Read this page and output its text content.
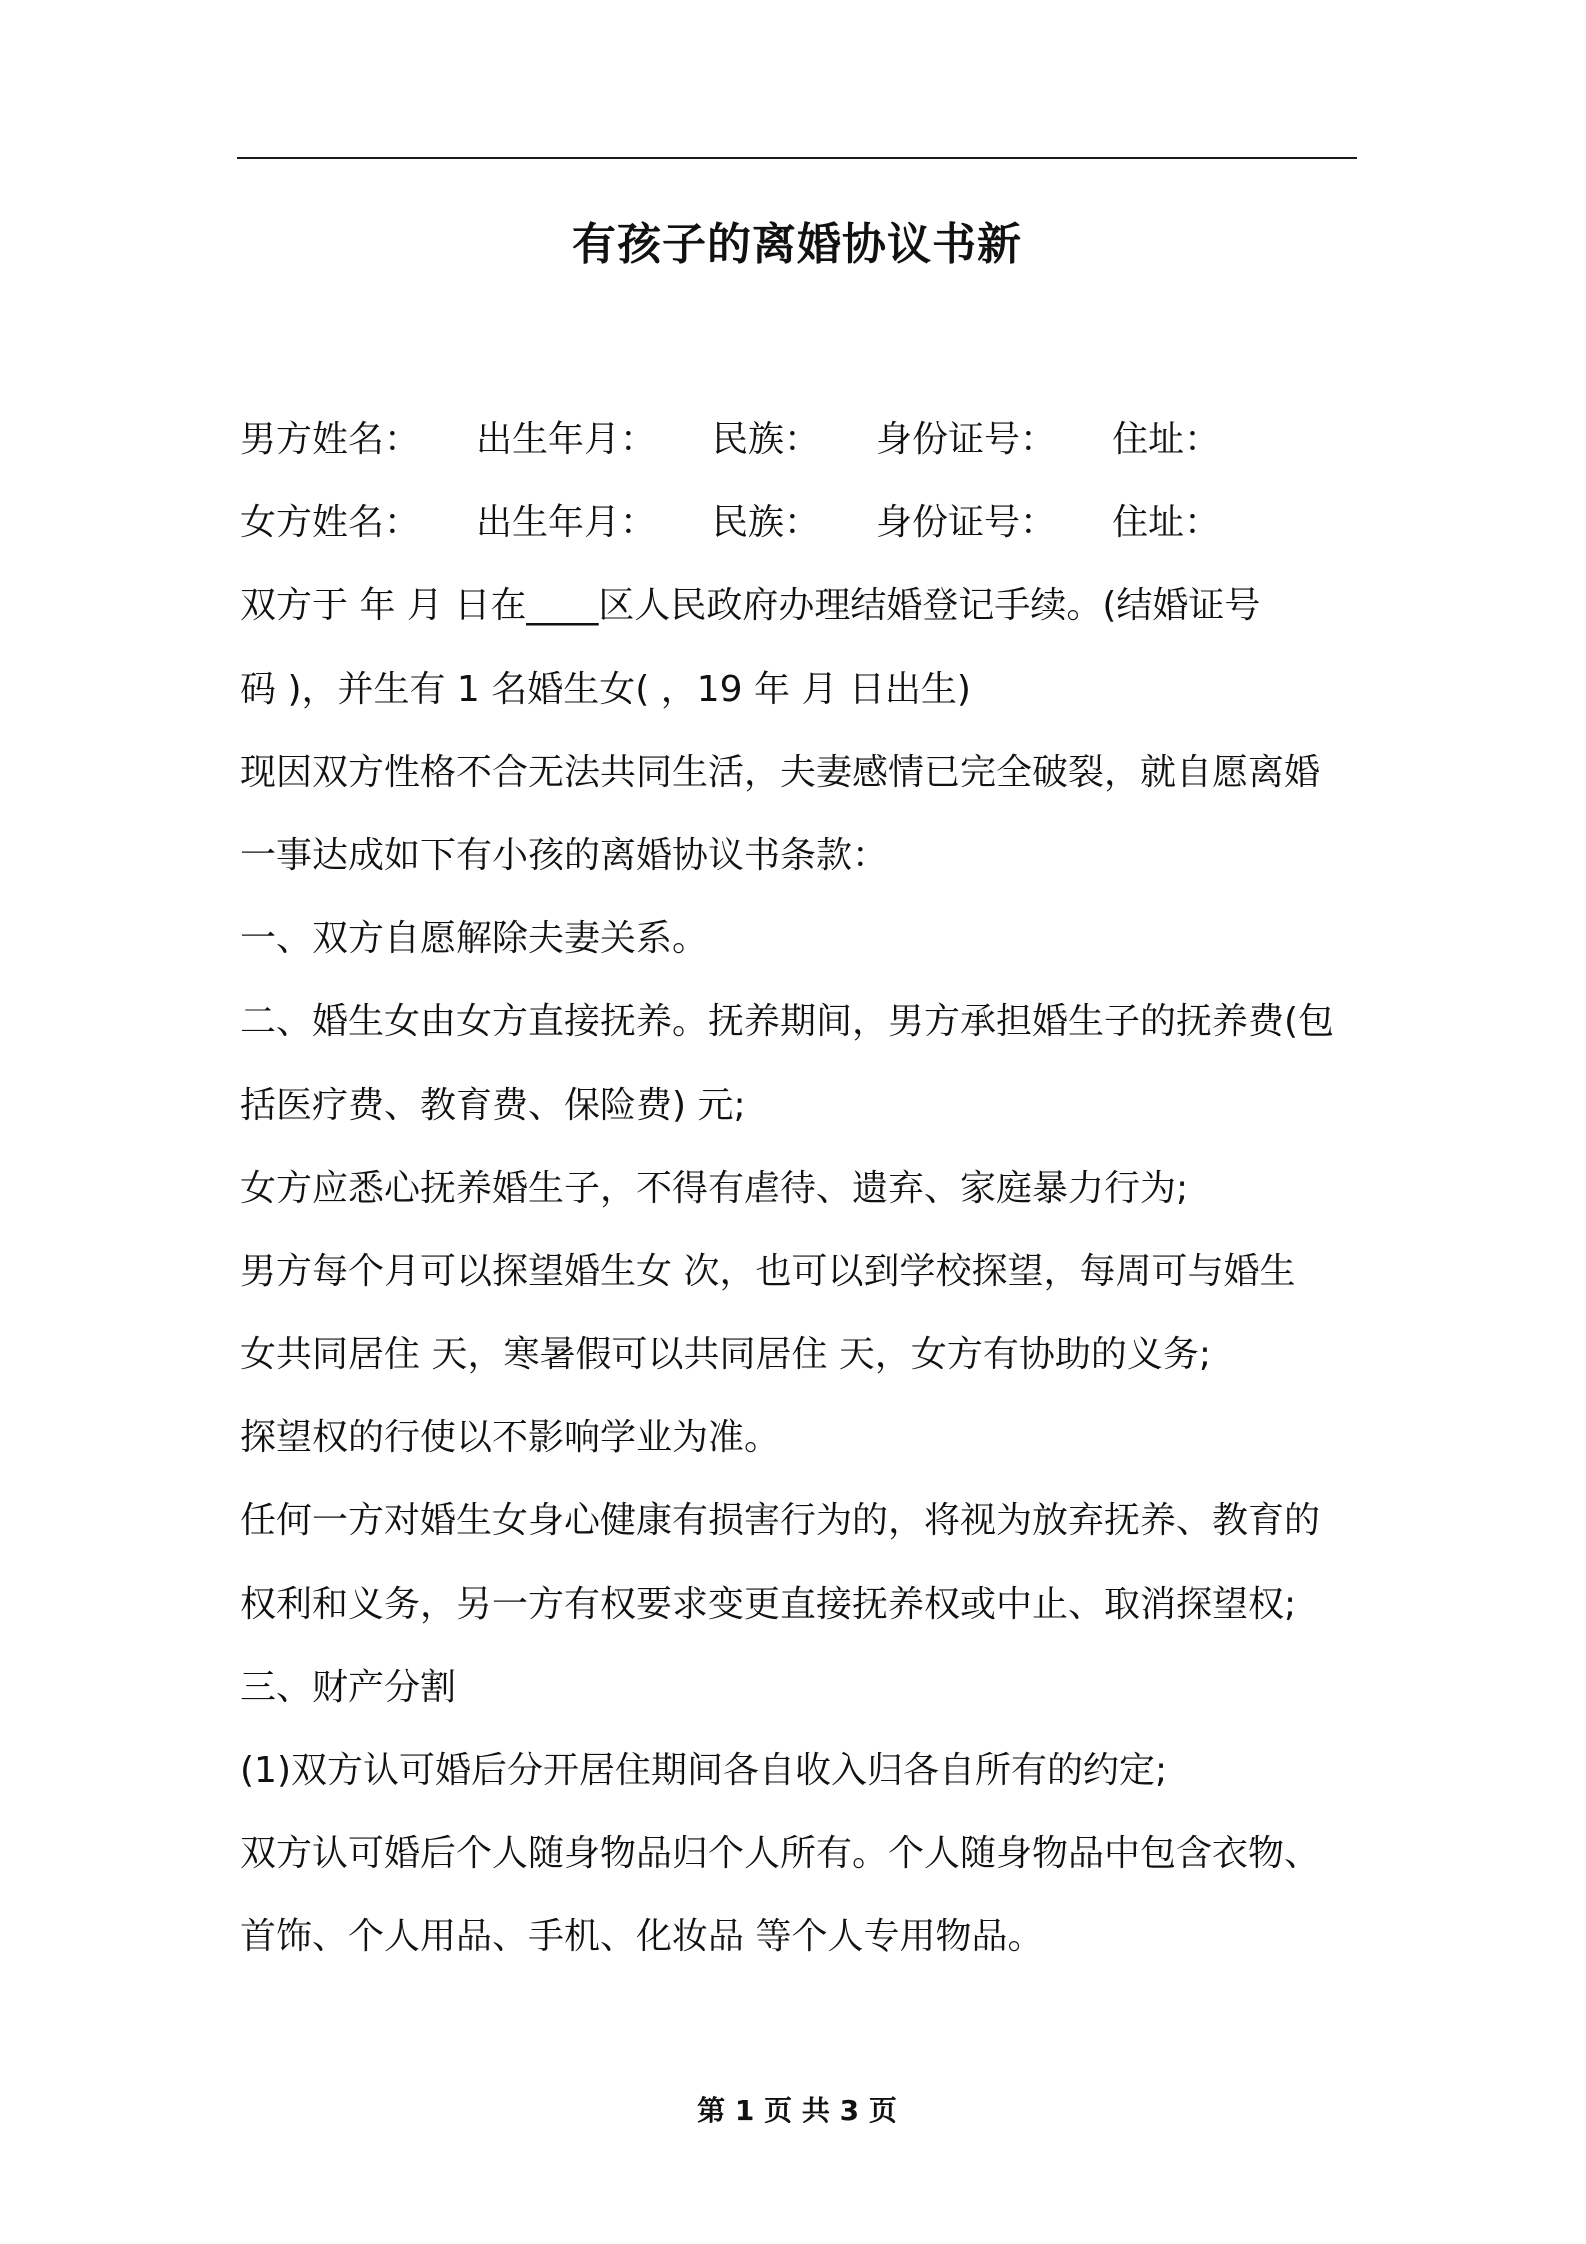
有孩子的离婚协议书新
男方姓名： 出生年月： 民族： 身份证号： 住址：
女方姓名： 出生年月： 民族： 身份证号： 住址：
双方于 年 月 日在____区人民政府办理结婚登记手续。(结婚证号
码 )，并生有 1 名婚生女( ，19 年 月 日出生)
现因双方性格不合无法共同生活，夫妻感情已完全破裂，就自愿离婚
一事达成如下有小孩的离婚协议书条款：
一、双方自愿解除夫妻关系。
二、婚生女由女方直接抚养。抚养期间，男方承担婚生子的抚养费(包
括医疗费、教育费、保险费) 元;
女方应悉心抚养婚生子，不得有虐待、遗弃、家庭暴力行为;
男方每个月可以探望婚生女 次，也可以到学校探望，每周可与婚生
女共同居住 天，寒暑假可以共同居住 天，女方有协助的义务;
探望权的行使以不影响学业为准。
任何一方对婚生女身心健康有损害行为的，将视为放弃抚养、教育的
权利和义务，另一方有权要求变更直接抚养权或中止、取消探望权;
三、财产分割
(1)双方认可婚后分开居住期间各自收入归各自所有的约定;
双方认可婚后个人随身物品归个人所有。个人随身物品中包含衣物、
首饰、个人用品、手机、化妆品 等个人专用物品。
第 1 页 共 3 页
